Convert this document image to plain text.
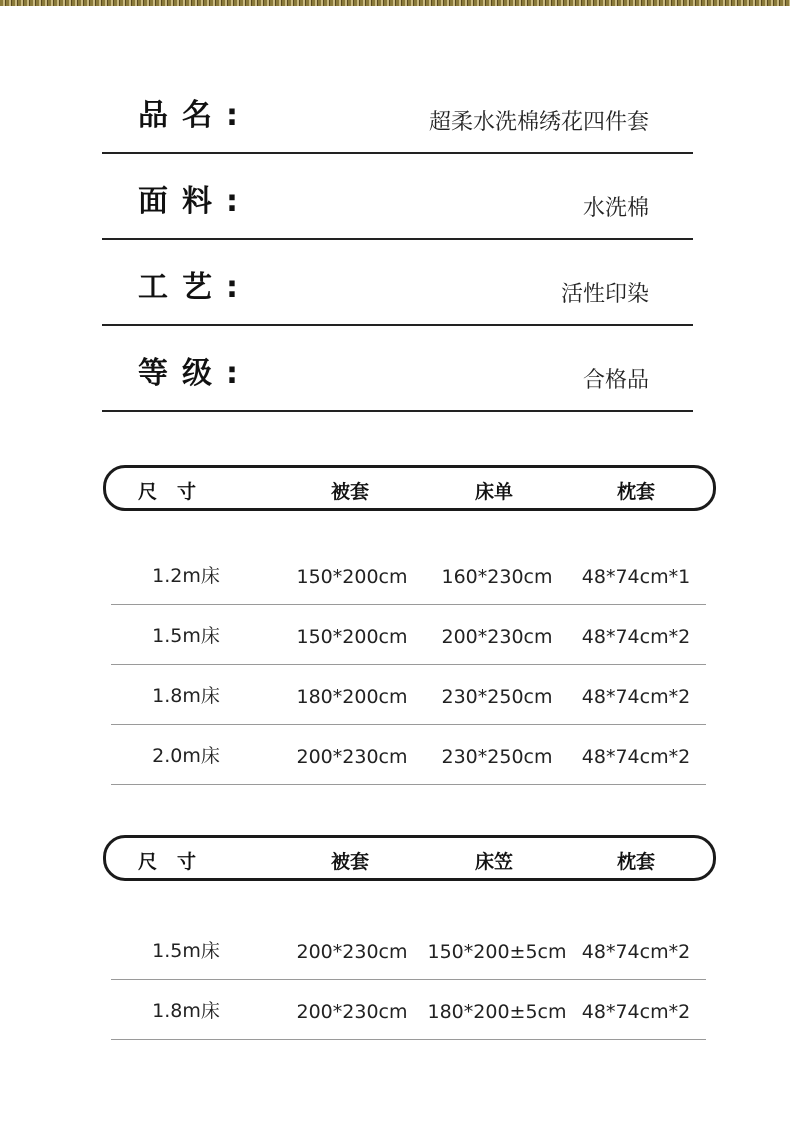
品名:	超柔水洗棉绣花四件套
面料:	水洗棉
工艺:	活性印染
等级:	合格品
尺寸	被套	床单	枕套
1.2m床	150*200cm 160*230cm 48*74cm*1
1.5m床	150*200cm 200*230cm 48*74cm*2
1.8m床	180*200cm 230*250cm 48*74cm*2
2.0m床	200*230cm 230*250cm 48*74cm*2
尺寸	被套	床笠	枕套
1.5m床	200*230cm 150*200±5cm 48*74cm*2
1.8m床	200*230cm 180*200±5cm 48*74cm*2
